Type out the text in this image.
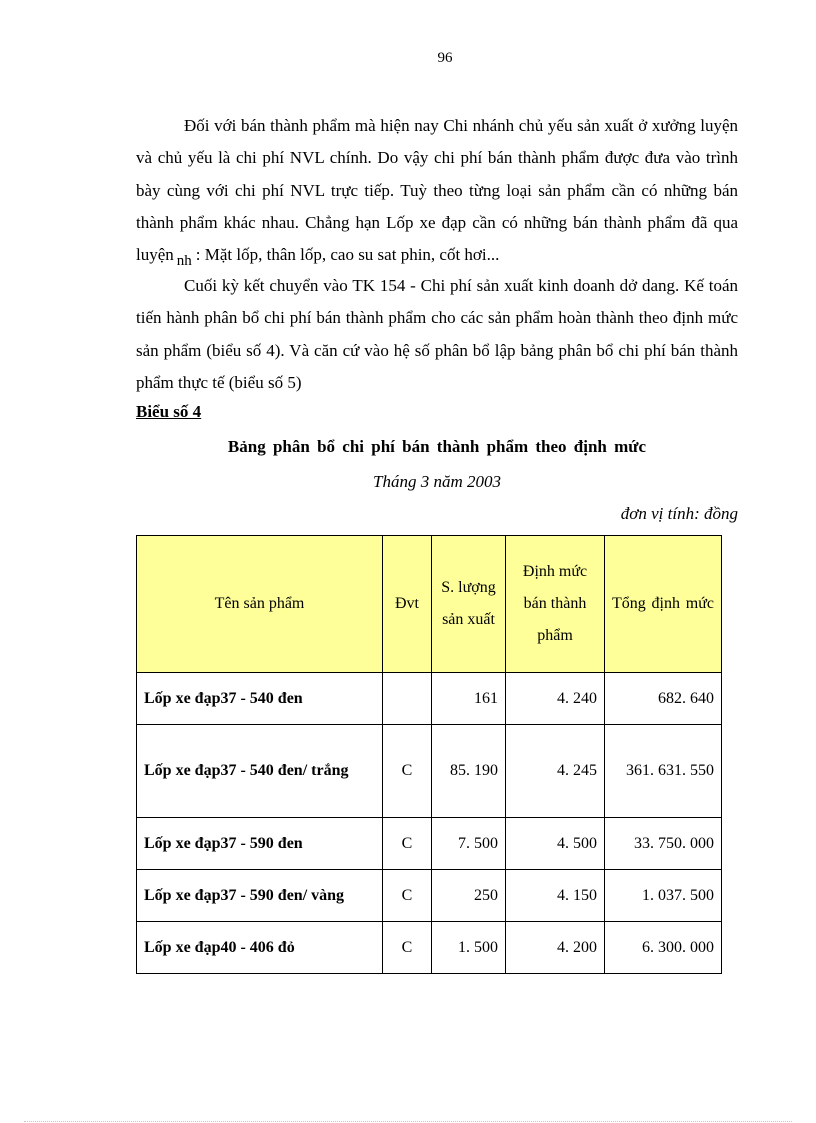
96
Đối với bán thành phẩm mà hiện nay Chi nhánh chủ yếu sản xuất ở xưởng luyện và chủ yếu là chi phí NVL chính. Do vậy chi phí bán thành phẩm được đưa vào trình bày cùng với chi phí NVL trực tiếp. Tuỳ theo từng loại sản phẩm cần có những bán thành phẩm khác nhau. Chẳng hạn Lốp xe đạp cần có những bán thành phẩm đã qua luyện nh : Mặt lốp, thân lốp, cao su sat phin, cốt hơi...
Cuối kỳ kết chuyển vào TK 154 - Chi phí sản xuất kinh doanh dở dang. Kế toán tiến hành phân bổ chi phí bán thành phẩm cho các sản phẩm hoàn thành theo định mức sản phẩm (biểu số 4). Và căn cứ vào hệ số phân bổ lập bảng phân bổ chi phí bán thành phẩm thực tế (biểu số 5)
Biểu số 4
Bảng phân bổ chi phí bán thành phẩm theo định mức
Tháng 3 năm 2003
đơn vị tính: đồng
Tên sản phẩm	Đvt	S. lượng sản xuất	Định mức bán thành phẩm	Tổng định mức
Lốp xe đạp37 - 540 đen		161	4. 240	682. 640
Lốp xe đạp37 - 540 đen/ trắng	C	85. 190	4. 245	361. 631. 550
Lốp xe đạp37 - 590 đen	C	7. 500	4. 500	33. 750. 000
Lốp xe đạp37 - 590 đen/ vàng	C	250	4. 150	1. 037. 500
Lốp xe đạp40 - 406 đỏ	C	1. 500	4. 200	6. 300. 000
